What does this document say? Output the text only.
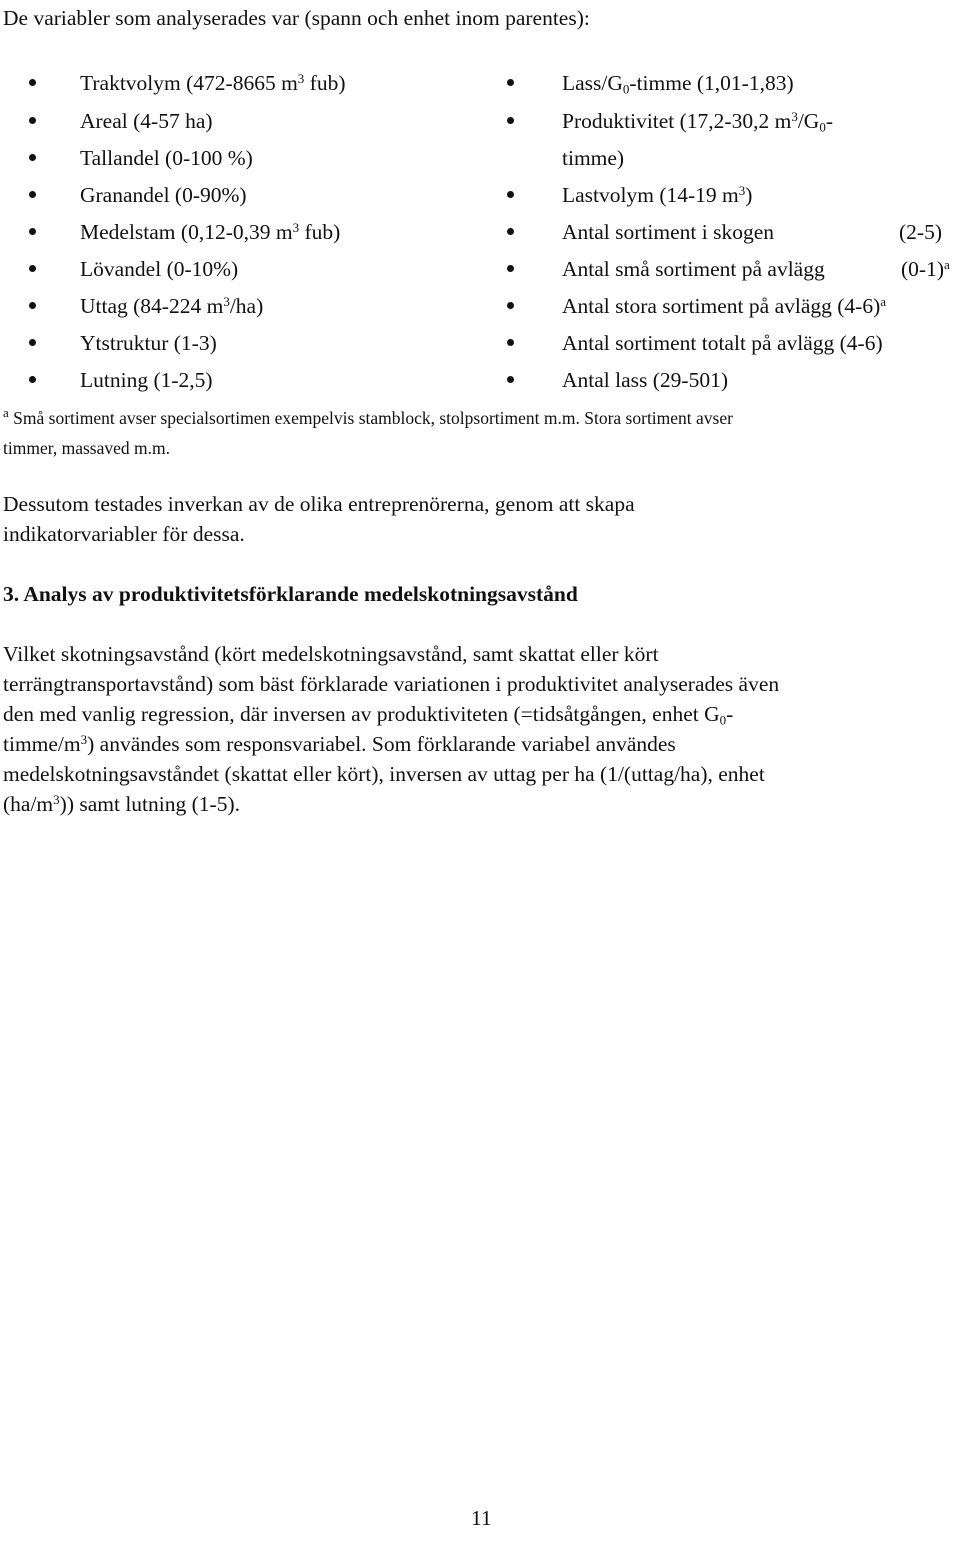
De variabler som analyserades var (spann och enhet inom parentes):
Traktvolym (472-8665 $m^3$ fub)
Areal (4-57 ha)
Tallandel (0-100 %)
Granandel (0-90%)
Medelstam (0,12-0,39 $m^3$ fub)
Lövandel (0-10%)
Uttag (84-224 $m^3/ha$)
Ytstruktur (1-3)
Lutning (1-2,5)
Lass/$G_0$-timme (1,01-1,83)
Produktivitet (17,2-30,2 $m^3/G_0-$
timme)
Lastvolym (14-19 $m^3$)
Antal sortiment i skogen	(2-5)
Antal små sortiment på avlägg	$(0-1)^a$
Antal stora sortiment på avlägg $(4-6)^a$
Antal sortiment totalt på avlägg (4-6)
Antal lass (29-501)
$^a$ Små sortiment avser specialsortimen exempelvis stamblock, stolpsortiment m.m. Stora sortiment avser
timmer, massaved m.m.
Dessutom testades inverkan av de olika entreprenörerna, genom att skapa
indikatorvariabler för dessa.
3. Analys av produktivitetsförklarande medelskotningsavstånd
Vilket skotningsavstånd (kört medelskotningsavstånd, samt skattat eller kört
terrängtransportavstånd) som bäst förklarade variationen i produktivitet analyserades även
den med vanlig regression, där inversen av produktiviteten (=tidsåtgången, enhet $G_0-$
timme/$m^3$) användes som responsvariabel. Som förklarande variabel användes
medelskotningsavståndet (skattat eller kört), inversen av uttag per ha (1/(uttag/ha), enhet
$(ha/m^3)$) samt lutning (1-5).
11
